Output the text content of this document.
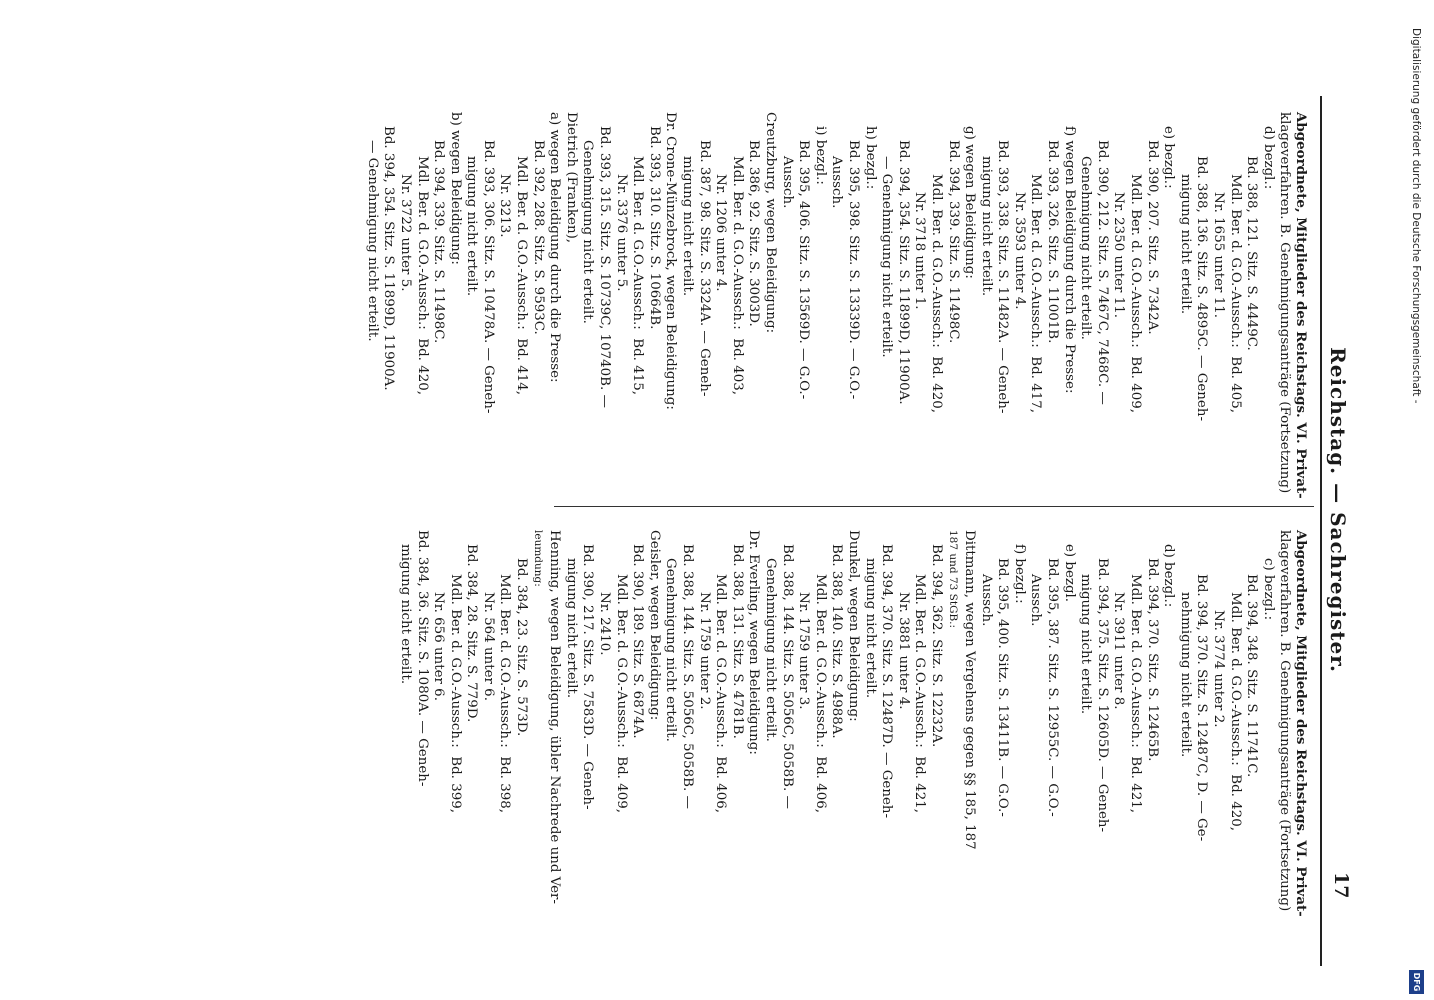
Reichstag. — Sachregister.
17
Abgeordnete, Mitglieder des Reichstags. VI. Privat-
klageverfahren. B. Genehmigungsanträge (Fortsetzung)
d) bezgl.:
Bd. 388, 121. Sitz. S. 4449C.
Mdl. Ber. d. G.O.-Aussch.:  Bd. 405,
Nr. 1655 unter 11.
Bd. 388, 136. Sitz. S. 4895C. — Geneh-
migung nicht erteilt.
e) bezgl.:
Bd. 390, 207. Sitz. S. 7342A.
Mdl. Ber. d. G.O.-Aussch.:  Bd. 409,
Nr. 2350 unter 11.
Bd. 390, 212. Sitz. S. 7467C, 7468C. —
Genehmigung nicht erteilt.
f) wegen Beleidigung durch die Presse:
Bd. 393, 326. Sitz. S. 11001B.
Mdl. Ber. d. G.O.-Aussch.:  Bd. 417,
Nr. 3593 unter 4.
Bd. 393, 338. Sitz. S. 11482A. — Geneh-
migung nicht erteilt.
g) wegen Beleidigung:
Bd. 394, 339. Sitz. S. 11498C.
Mdl. Ber. d. G.O.-Aussch.:  Bd. 420,
Nr. 3718 unter 1.
Bd. 394, 354. Sitz. S. 11899D, 11900A.
— Genehmigung nicht erteilt.
h) bezgl.:
Bd. 395, 398. Sitz. S. 13339D. — G.O.-
Aussch.
i) bezgl.:
Bd. 395, 406. Sitz. S. 13569D. — G.O.-
Aussch.
Creutzburg, wegen Beleidigung:
Bd. 386, 92. Sitz. S. 3003D.
Mdl. Ber. d. G.O.-Aussch.:  Bd. 403,
Nr. 1206 unter 4.
Bd. 387, 98. Sitz. S. 3324A. — Geneh-
migung nicht erteilt.
Dr. Crone-Münzebrock, wegen Beleidigung:
Bd. 393, 310. Sitz. S. 10664B.
Mdl. Ber. d. G.O.-Aussch.:  Bd. 415,
Nr. 3376 unter 5.
Bd. 393, 315. Sitz. S. 10739C, 10740B. —
Genehmigung nicht erteilt.
Dietrich (Franken),
a) wegen Beleidigung durch die Presse:
Bd. 392, 288. Sitz. S. 9593C.
Mdl. Ber. d. G.O.-Aussch.:  Bd. 414,
Nr. 3213.
Bd. 393, 306. Sitz. S. 10478A. — Geneh-
migung nicht erteilt.
b) wegen Beleidigung:
Bd. 394, 339. Sitz. S. 11498C.
Mdl. Ber. d. G.O.-Aussch.:  Bd. 420,
Nr. 3722 unter 5.
Bd. 394, 354. Sitz. S. 11899D, 11900A.
— Genehmigung nicht erteilt.
Abgeordnete, Mitglieder des Reichstags. VI. Privat-
klageverfahren. B. Genehmigungsanträge (Fortsetzung)
c) bezgl.:
Bd. 394, 348. Sitz. S. 11741C.
Mdl. Ber. d. G.O.-Aussch.:  Bd. 420,
Nr. 3774 unter 2.
Bd. 394, 370. Sitz. S. 12487C, D. — Ge-
nehmigung nicht erteilt.
d) bezgl.:
Bd. 394, 370. Sitz. S. 12465B.
Mdl. Ber. d. G.O.-Aussch.:  Bd. 421,
Nr. 3911 unter 8.
Bd. 394, 375. Sitz. S. 12605D. — Geneh-
migung nicht erteilt.
e) bezgl.
Bd. 395, 387. Sitz. S. 12955C. — G.O.-
Aussch.
f) bezgl.:
Bd. 395, 400. Sitz. S. 13411B. — G.O.-
Aussch.
Dittmann, wegen Vergehens gegen §§ 185, 187
187 und 73 StGB.:
Bd. 394, 362. Sitz. S. 12232A.
Mdl. Ber. d. G.O.-Aussch.:  Bd. 421,
Nr. 3881 unter 4.
Bd. 394, 370. Sitz. S. 12487D. — Geneh-
migung nicht erteilt.
Dunkel, wegen Beleidigung:
Bd. 388, 140. Sitz. S. 4988A.
Mdl. Ber. d. G.O.-Aussch.:  Bd. 406,
Nr. 1759 unter 3.
Bd. 388, 144. Sitz. S. 5056C, 5058B. —
Genehmigung nicht erteilt.
Dr. Everling, wegen Beleidigung:
Bd. 388, 131. Sitz. S. 4781B.
Mdl. Ber. d. G.O.-Aussch.:  Bd. 406,
Nr. 1759 unter 2.
Bd. 388, 144. Sitz. S. 5056C, 5058B. —
Genehmigung nicht erteilt.
Geisler, wegen Beleidigung:
Bd. 390, 189. Sitz. S. 6874A.
Mdl. Ber. d. G.O.-Aussch.:  Bd. 409,
Nr. 2410.
Bd. 390, 217. Sitz. S. 7583D. — Geneh-
migung nicht erteilt.
Henning, wegen Beleidigung, übler Nachrede und Ver-
leumdung:
Bd. 384, 23. Sitz. S. 573D.
Mdl. Ber. d. G.O.-Aussch.:  Bd. 398,
Nr. 564 unter 6.
Bd. 384, 28. Sitz. S. 779D.
Mdl. Ber. d. G.O.-Aussch.:  Bd. 399,
Nr. 656 unter 6.
Bd. 384, 36. Sitz. S. 1080A. — Geneh-
migung nicht erteilt.
Digitalisierung gefördert durch die Deutsche Forschungsgemeinschaft -
DFG
